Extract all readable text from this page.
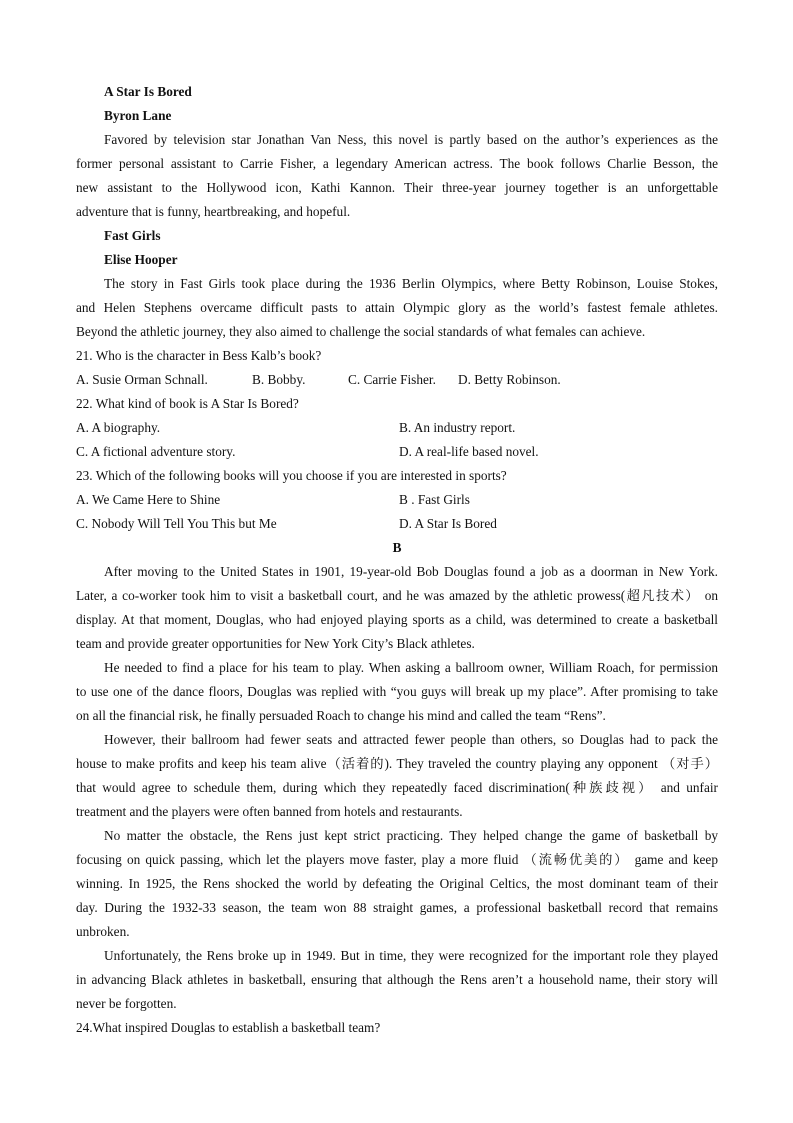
A Star Is Bored
Byron Lane
Favored by television star Jonathan Van Ness, this novel is partly based on the author’s experiences as the
former personal assistant to Carrie Fisher, a legendary American actress. The book follows Charlie Besson, the
new assistant to the Hollywood icon, Kathi Kannon. Their three-year journey together is an unforgettable
adventure that is funny, heartbreaking, and hopeful.
Fast Girls
Elise Hooper
The story in Fast Girls took place during the 1936 Berlin Olympics, where Betty Robinson, Louise Stokes,
and Helen Stephens overcame difficult pasts to attain Olympic glory as the world’s fastest female athletes.
Beyond the athletic journey, they also aimed to challenge the social standards of what females can achieve.
21. Who is the character in Bess Kalb’s book?
A. Susie Orman Schnall.	B. Bobby.	C. Carrie Fisher. D. Betty Robinson.
22. What kind of book is A Star Is Bored?
A. A biography.	B. An industry report.
C. A fictional adventure story.	D. A real-life based novel.
23. Which of the following books will you choose if you are interested in sports?
A. We Came Here to Shine	B . Fast Girls
C. Nobody Will Tell You This but Me	D. A Star Is Bored
B
After moving to the United States in 1901, 19-year-old Bob Douglas found a job as a doorman in New York.
Later, a co-worker took him to visit a basketball court, and he was amazed by the athletic prowess(超凡技术） on
display. At that moment, Douglas, who had enjoyed playing sports as a child, was determined to create a basketball
team and provide greater opportunities for New York City’s Black athletes.
He needed to find a place for his team to play. When asking a ballroom owner, William Roach, for permission
to use one of the dance floors, Douglas was replied with “you guys will break up my place”. After promising to take
on all the financial risk, he finally persuaded Roach to change his mind and called the team “Rens”.
However, their ballroom had fewer seats and attracted fewer people than others, so Douglas had to pack the
house to make profits and keep his team alive（活着的). They traveled the country playing any opponent （对手）
that would agree to schedule them, during which they repeatedly faced discrimination(种族歧视） and unfair
treatment and the players were often banned from hotels and restaurants.
No matter the obstacle, the Rens just kept strict practicing. They helped change the game of basketball by
focusing on quick passing, which let the players move faster, play a more fluid （流畅优美的） game and keep
winning. In 1925, the Rens shocked the world by defeating the Original Celtics, the most dominant team of their
day. During the 1932-33 season, the team won 88 straight games, a professional basketball record that remains
unbroken.
Unfortunately, the Rens broke up in 1949. But in time, they were recognized for the important role they played
in advancing Black athletes in basketball, ensuring that although the Rens aren’t a household name, their story will
never be forgotten.
24.What inspired Douglas to establish a basketball team?
